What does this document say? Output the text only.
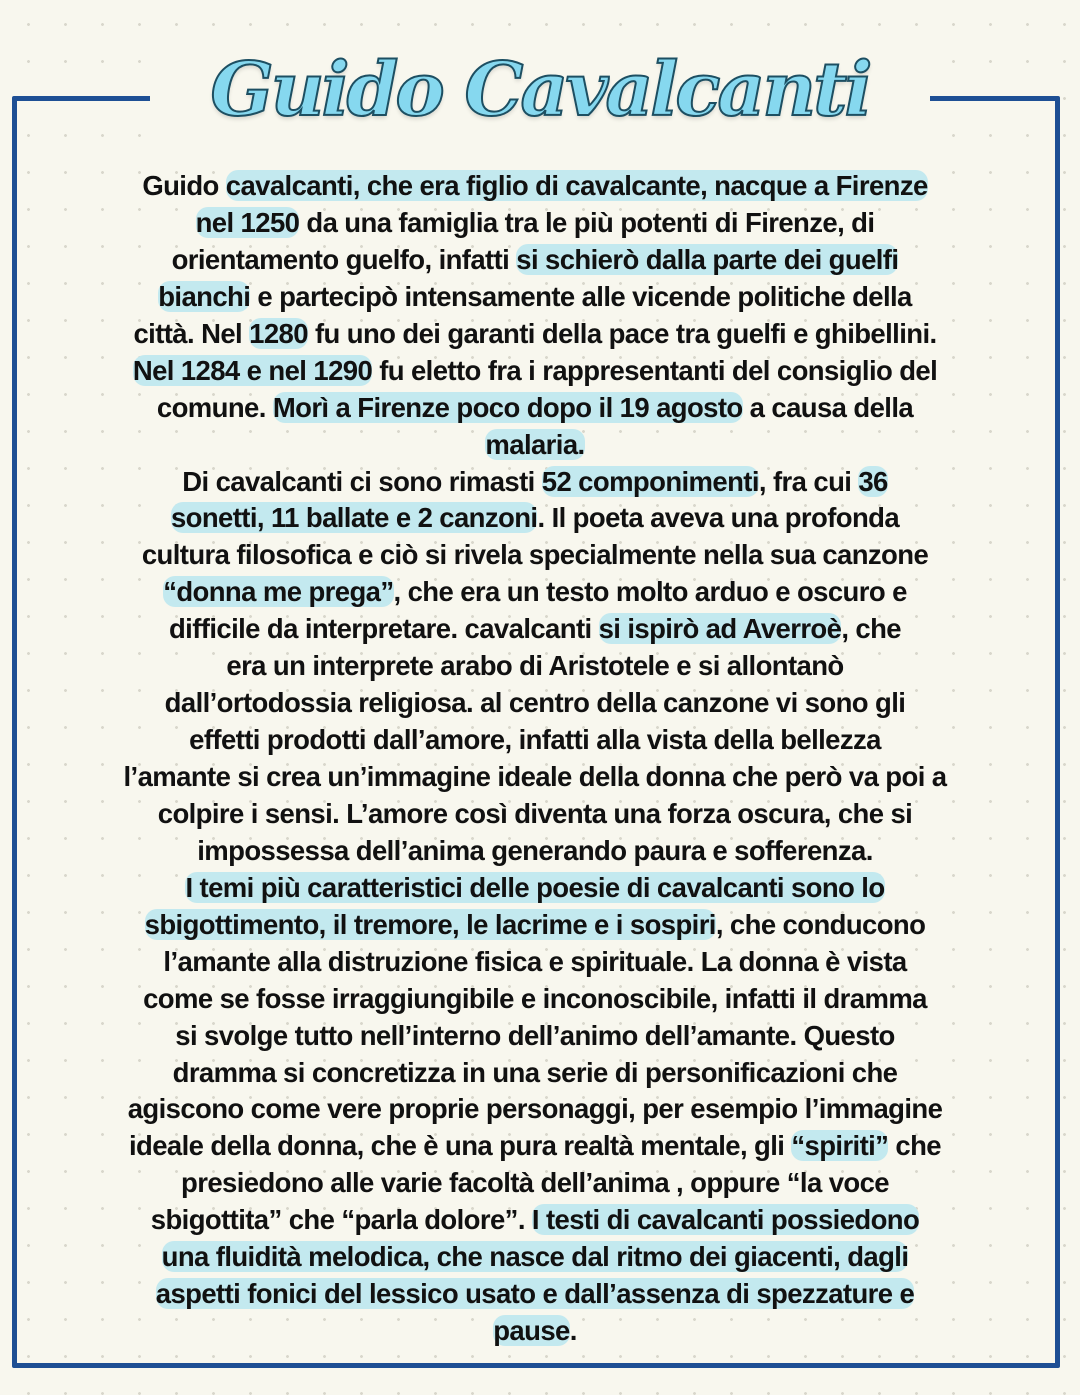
Guido Cavalcanti
Guido cavalcanti, che era figlio di cavalcante, nacque a Firenze
nel 1250 da una famiglia tra le più potenti di Firenze, di
orientamento guelfo, infatti si schierò dalla parte dei guelfi
bianchi e partecipò intensamente alle vicende politiche della
città. Nel 1280 fu uno dei garanti della pace tra guelfi e ghibellini.
Nel 1284 e nel 1290 fu eletto fra i rappresentanti del consiglio del
comune. Morì a Firenze poco dopo il 19 agosto a causa della
malaria.
Di cavalcanti ci sono rimasti 52 componimenti, fra cui 36
sonetti, 11 ballate e 2 canzoni. Il poeta aveva una profonda
cultura filosofica e ciò si rivela specialmente nella sua canzone
“donna me prega”, che era un testo molto arduo e oscuro e
difficile da interpretare. cavalcanti si ispirò ad Averroè, che
era un interprete arabo di Aristotele e si allontanò
dall’ortodossia religiosa. al centro della canzone vi sono gli
effetti prodotti dall’amore, infatti alla vista della bellezza
l’amante si crea un’immagine ideale della donna che però va poi a
colpire i sensi. L’amore così diventa una forza oscura, che si
impossessa dell’anima generando paura e sofferenza.
I temi più caratteristici delle poesie di cavalcanti sono lo
sbigottimento, il tremore, le lacrime e i sospiri, che conducono
l’amante alla distruzione fisica e spirituale. La donna è vista
come se fosse irraggiungibile e inconoscibile, infatti il dramma
si svolge tutto nell’interno dell’animo dell’amante. Questo
dramma si concretizza in una serie di personificazioni che
agiscono come vere proprie personaggi, per esempio l’immagine
ideale della donna, che è una pura realtà mentale, gli “spiriti” che
presiedono alle varie facoltà dell’anima , oppure “la voce
sbigottita” che “parla dolore”. I testi di cavalcanti possiedono
una fluidità melodica, che nasce dal ritmo dei giacenti, dagli
aspetti fonici del lessico usato e dall’assenza di spezzature e
pause.
